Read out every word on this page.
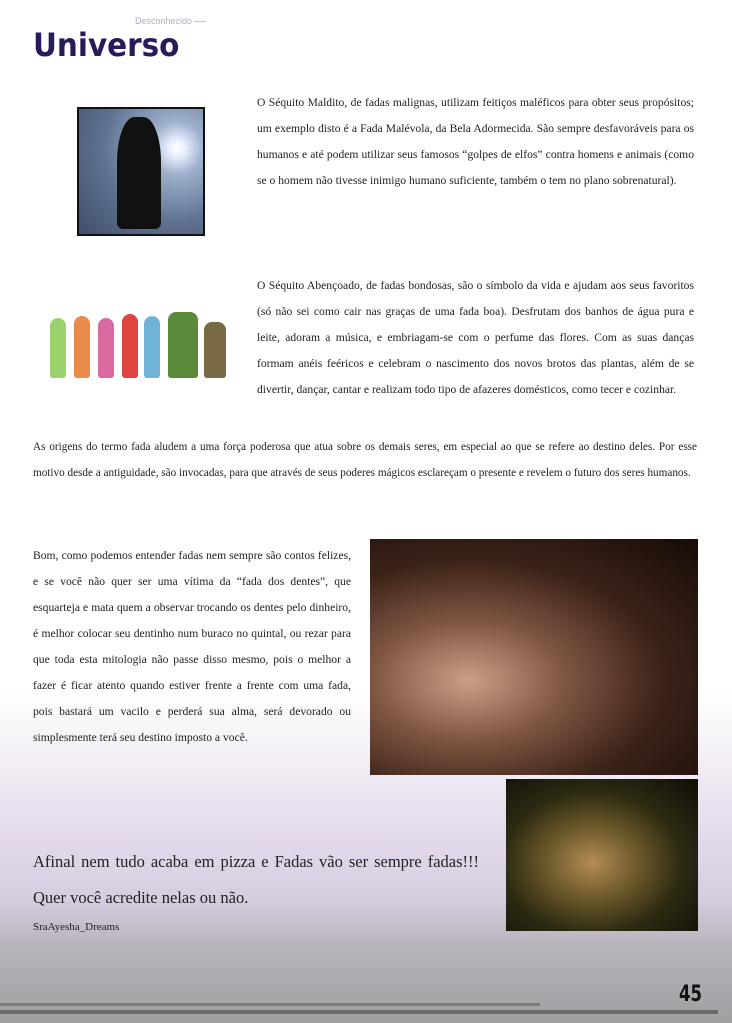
Desconhecido
Universo

O Séquito Maldito, de fadas malignas, utilizam feitiços maléficos para obter seus propósitos; um exemplo disto é a Fada Malévola, da Bela Adormecida. São sempre desfavoráveis para os humanos e até podem utilizar seus famosos “golpes de elfos” contra homens e animais (como se o homem não tivesse inimigo humano suficiente, também o tem no plano sobrenatural).

O Séquito Abençoado, de fadas bondosas, são o símbolo da vida e ajudam aos seus favoritos (só não sei como cair nas graças de uma fada boa). Desfrutam dos banhos de água pura e leite, adoram a música, e embriagam-se com o perfume das flores. Com as suas danças formam anéis feéricos e celebram o nascimento dos novos brotos das plantas, além de se divertir, dançar, cantar e realizam todo tipo de afazeres domésticos, como tecer e cozinhar.

As origens do termo fada aludem a uma força poderosa que atua sobre os demais seres, em especial ao que se refere ao destino deles. Por esse motivo desde a antiguidade, são invocadas, para que através de seus poderes mágicos esclareçam o presente e revelem o futuro dos seres humanos.

Bom, como podemos entender fadas nem sempre são contos felizes, e se você não quer ser uma vítima da “fada dos dentes”, que esquarteja e mata quem a observar trocando os dentes pelo dinheiro, é melhor colocar seu dentinho num buraco no quintal, ou rezar para que toda esta mitologia não passe disso mesmo, pois o melhor a fazer é ficar atento quando estiver frente a frente com uma fada, pois bastará um vacilo e perderá sua alma, será devorado ou simplesmente terá seu destino imposto a você.

Afinal nem tudo acaba em pizza e Fadas vão ser sempre fadas!!! Quer você acredite nelas ou não.

SraAyesha_Dreams
45
